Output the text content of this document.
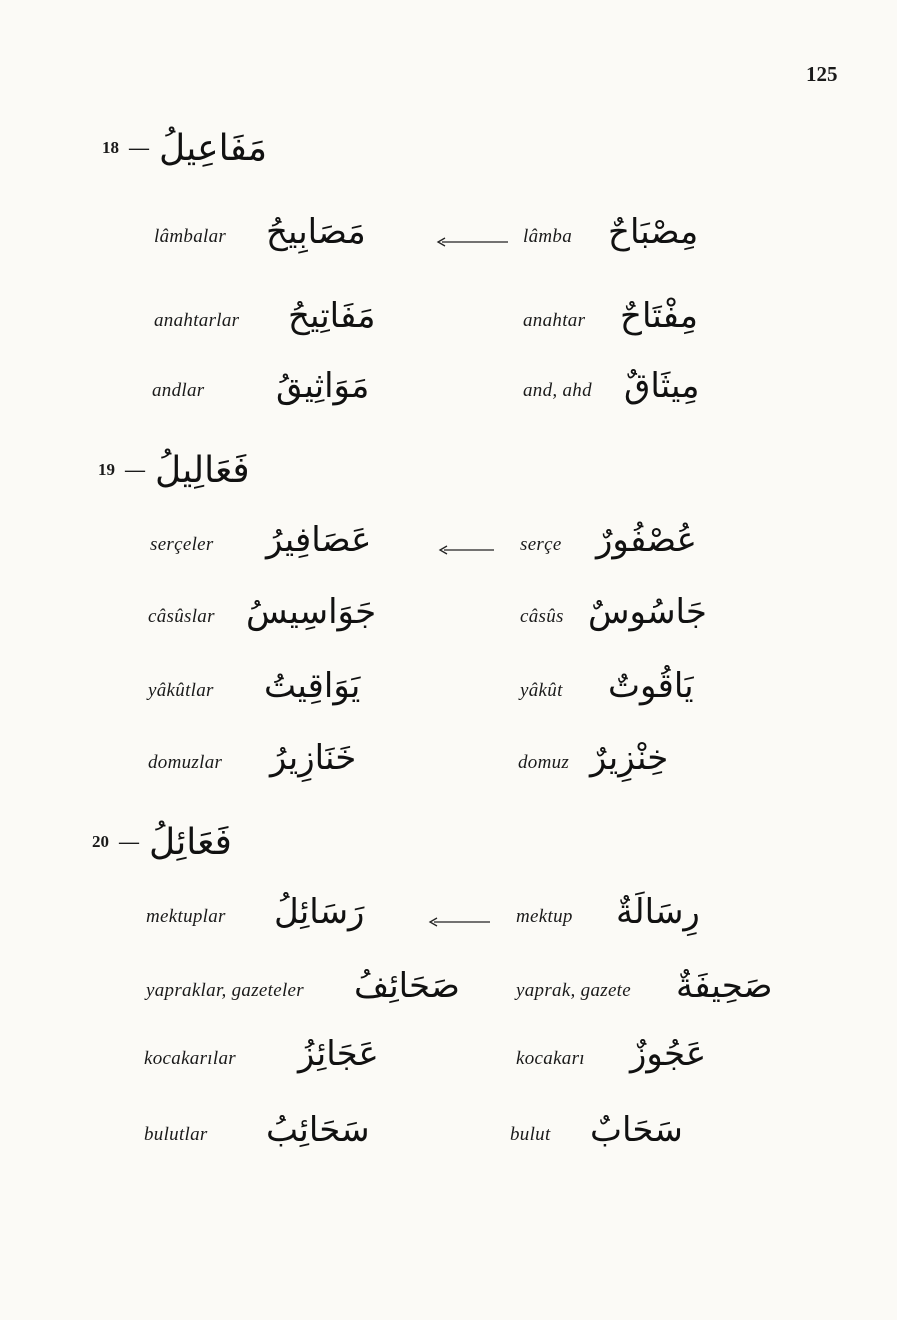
125
18 — مَفَاعِيلُ
lâmbalar مَصَابِيحُ	lâmba مِصْبَاحٌ
anahtarlar مَفَاتِيحُ	anahtar مِفْتَاحٌ
andlar مَوَاثِيقُ	and, ahd مِيثَاقٌ
19 — فَعَالِيلُ
serçeler عَصَافِيرُ	serçe عُصْفُورٌ
câsûslar جَوَاسِيسُ	câsûs جَاسُوسٌ
yâkûtlar يَوَاقِيتُ	yâkût يَاقُوتٌ
domuzlar خَنَازِيرُ	domuz خِنْزِيرٌ
20 — فَعَائِلُ
mektuplar رَسَائِلُ	mektup رِسَالَةٌ
yapraklar, gazeteler صَحَائِفُ	yaprak, gazete صَحِيفَةٌ
kocakarılar عَجَائِزُ	kocakarı عَجُوزٌ
bulutlar سَحَائِبُ	bulut سَحَابٌ
